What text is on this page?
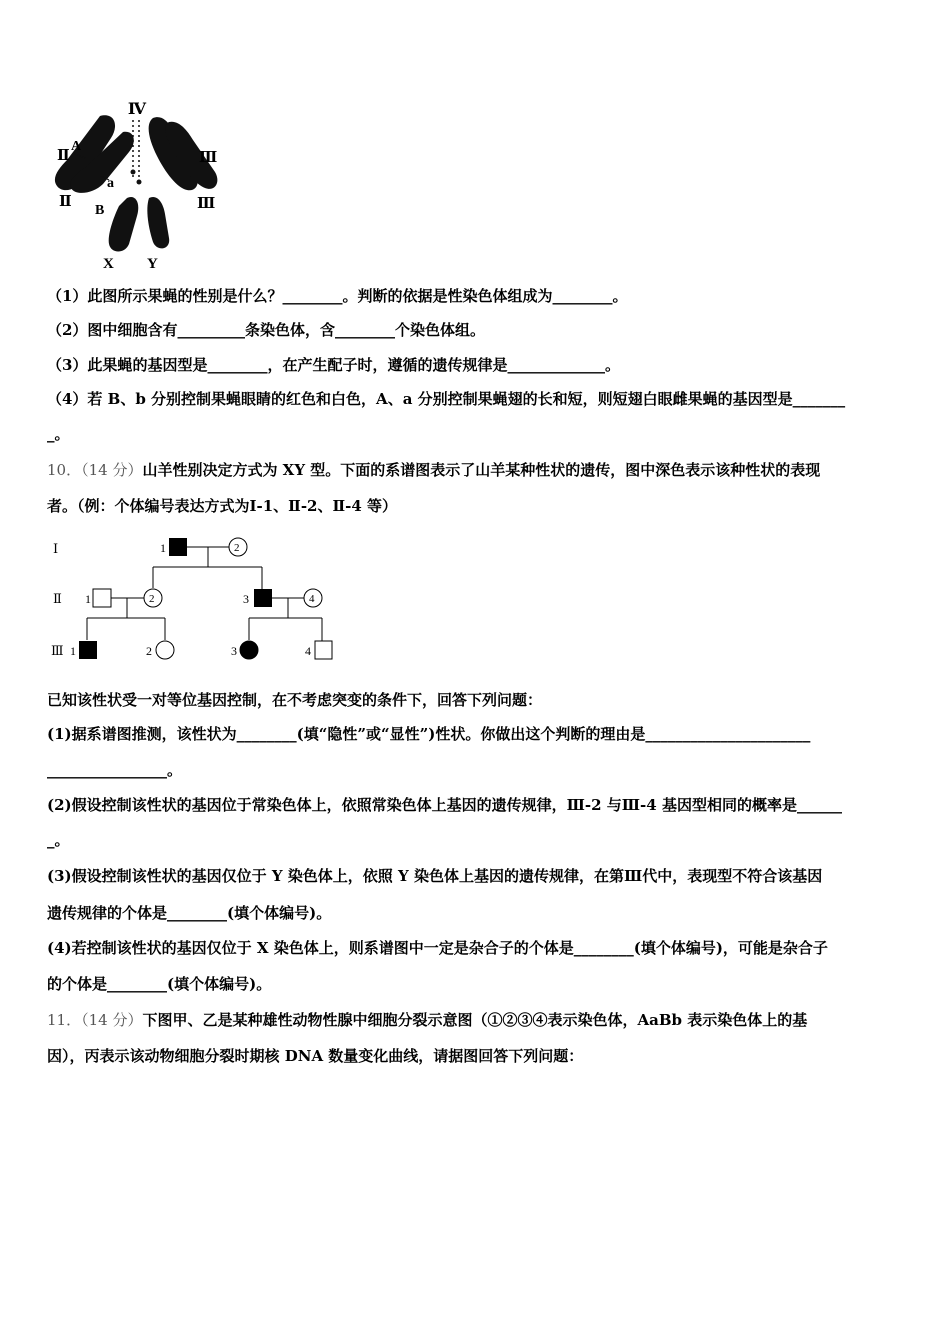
Ⅳ
Ⅱ
A
a
Ⅱ
B
Ⅲ
Ⅲ
X Y
（1）此图所示果蝇的性别是什么？________。判断的依据是性染色体组成为________。
（2）图中细胞含有_________条染色体，含________个染色体组。
（3）此果蝇的基因型是________，在产生配子时，遵循的遗传规律是_____________。
（4）若 B、b 分别控制果蝇眼睛的红色和白色，A、a 分别控制果蝇翅的长和短，则短翅白眼雌果蝇的基因型是_______
_。
10．（14 分）山羊性别决定方式为 XY 型。下面的系谱图表示了山羊某种性状的遗传，图中深色表示该种性状的表现
者。（例：个体编号表达方式为Ⅰ-1、Ⅱ-2、Ⅱ-4 等）
Ⅰ
Ⅱ
Ⅲ
1	2
1	2	3	4
1	2	3	4
已知该性状受一对等位基因控制，在不考虑突变的条件下，回答下列问题：
(1)据系谱图推测，该性状为________(填“隐性”或“显性”)性状。你做出这个判断的理由是______________________
________________。
(2)假设控制该性状的基因位于常染色体上，依照常染色体上基因的遗传规律，Ⅲ-2 与Ⅲ-4 基因型相同的概率是______
_。
(3)假设控制该性状的基因仅位于 Y 染色体上，依照 Y 染色体上基因的遗传规律，在第Ⅲ代中，表现型不符合该基因
遗传规律的个体是________(填个体编号)。
(4)若控制该性状的基因仅位于 X 染色体上，则系谱图中一定是杂合子的个体是________(填个体编号)，可能是杂合子
的个体是________(填个体编号)。
11．（14 分）下图甲、乙是某种雄性动物性腺中细胞分裂示意图（①②③④表示染色体，AaBb 表示染色体上的基
因），丙表示该动物细胞分裂时期核 DNA 数量变化曲线，请据图回答下列问题：
